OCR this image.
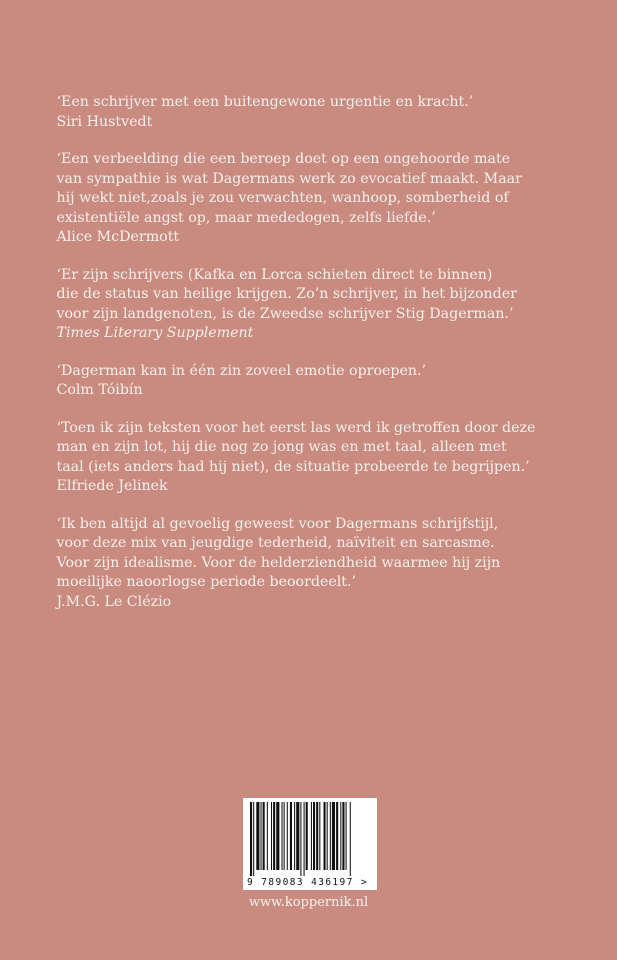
‘Een schrijver met een buitengewone urgentie en kracht.’

Siri Hustvedt

‘Een verbeelding die een beroep doet op een ongehoorde mate
van sympathie is wat Dagermans werk zo evocatief maakt. Maar
hij wekt niet,zoals je zou verwachten, wanhoop, somberheid of
existentiële angst op, maar mededogen, zelfs liefde.’

Alice McDermott

‘Er zijn schrijvers (Kafka en Lorca schieten direct te binnen)
die de status van heilige krijgen. Zo’n schrijver, in het bijzonder
voor zijn landgenoten, is de Zweedse schrijver Stig Dagerman.’

Times Literary Supplement

‘Dagerman kan in één zin zoveel emotie oproepen.’

Colm Tóibín

‘Toen ik zijn teksten voor het eerst las werd ik getroffen door deze
man en zijn lot, hij die nog zo jong was en met taal, alleen met
taal (iets anders had hij niet), de situatie probeerde te begrijpen.’

Elfriede Jelinek

‘Ik ben altijd al gevoelig geweest voor Dagermans schrijfstijl,
voor deze mix van jeugdige tederheid, naïviteit en sarcasme.
Voor zijn idealisme. Voor de helderziendheid waarmee hij zijn
moeilijke naoorlogse periode beoordeelt.’

J.M.G. Le Clézio

9 789083 436197 >
www.koppernik.nl
